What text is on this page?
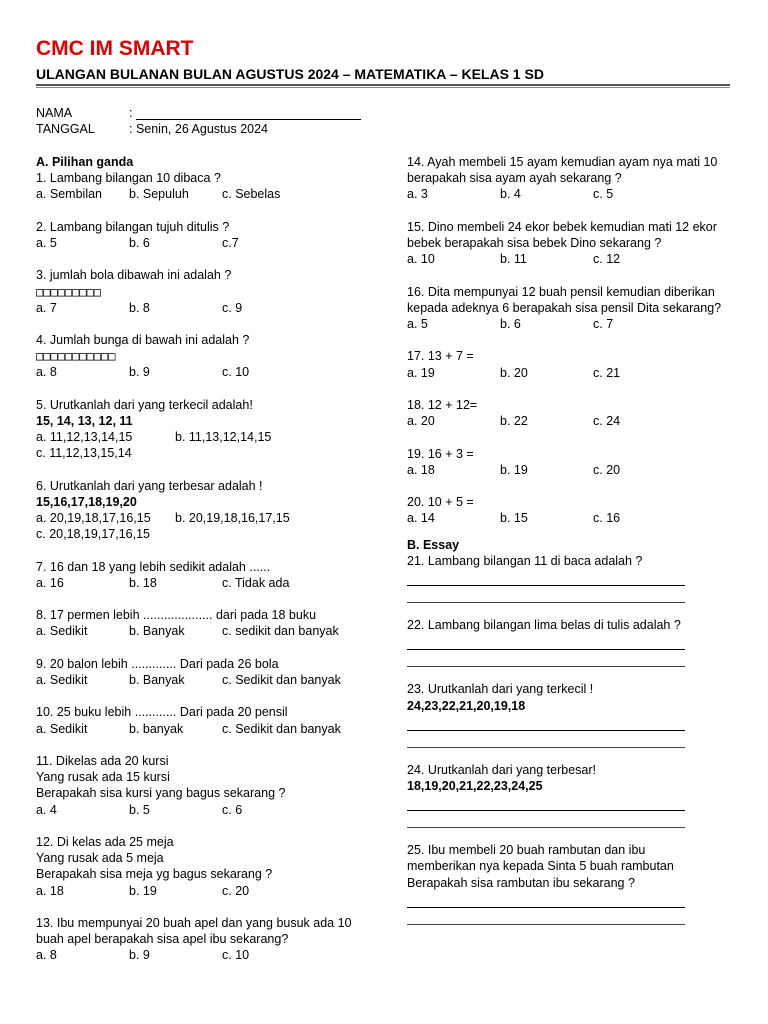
CMC IM SMART
ULANGAN BULANAN BULAN AGUSTUS 2024 – MATEMATIKA – KELAS 1 SD
NAMA	:
TANGGAL	: Senin, 26 Agustus 2024
A. Pilihan ganda
1. Lambang bilangan 10 dibaca ?
a. Sembilan	b. Sepuluh	c. Sebelas
2. Lambang bilangan tujuh ditulis ?
a. 5	b. 6	c.7
3. jumlah bola dibawah ini adalah ?
□□□□□□□□□
a. 7	b. 8	c. 9
4. Jumlah bunga di bawah ini adalah ?
□□□□□□□□□□□
a. 8	b. 9	c. 10
5. Urutkanlah dari yang terkecil adalah!
15, 14, 13, 12, 11
a. 11,12,13,14,15	b. 11,13,12,14,15
c. 11,12,13,15,14
6. Urutkanlah dari yang terbesar adalah !
15,16,17,18,19,20
a. 20,19,18,17,16,15	b. 20,19,18,16,17,15
c. 20,18,19,17,16,15
7. 16 dan 18 yang lebih sedikit adalah ......
a. 16	b. 18	c. Tidak ada
8. 17 permen lebih .................... dari pada 18 buku
a. Sedikit	b. Banyak	c. sedikit dan banyak
9. 20 balon lebih ............. Dari pada 26 bola
a. Sedikit	b. Banyak	c. Sedikit dan banyak
10. 25 buku lebih ............ Dari pada 20 pensil
a. Sedikit	b. banyak	c. Sedikit dan banyak
11. Dikelas ada 20 kursi
Yang rusak ada 15 kursi
Berapakah sisa kursi yang bagus sekarang ?
a. 4	b. 5	c. 6
12. Di kelas ada 25 meja
Yang rusak ada 5 meja
Berapakah sisa meja yg bagus sekarang ?
a. 18	b. 19	c. 20
13. Ibu mempunyai 20 buah apel dan yang busuk ada 10
buah apel berapakah sisa apel ibu sekarang?
a. 8	b. 9	c. 10
14. Ayah membeli 15 ayam kemudian ayam nya mati 10
berapakah sisa ayam ayah sekarang ?
a. 3	b. 4	c. 5
15. Dino membeli 24 ekor bebek kemudian mati 12 ekor
bebek berapakah sisa bebek Dino sekarang ?
a. 10	b. 11	c. 12
16. Dita mempunyai 12 buah pensil kemudian diberikan
kepada adeknya 6 berapakah sisa pensil Dita sekarang?
a. 5	b. 6	c. 7
17. 13 + 7 =
a. 19	b. 20	c. 21
18. 12 + 12=
a. 20	b. 22	c. 24
19. 16 + 3 =
a. 18	b. 19	c. 20
20. 10 + 5 =
a. 14	b. 15	c. 16
B. Essay
21. Lambang bilangan 11 di baca adalah ?
22. Lambang bilangan lima belas di tulis adalah ?
23. Urutkanlah dari yang terkecil !
24,23,22,21,20,19,18
24. Urutkanlah dari yang terbesar!
18,19,20,21,22,23,24,25
25. Ibu membeli 20 buah rambutan dan ibu
memberikan nya kepada Sinta 5 buah rambutan
Berapakah sisa rambutan ibu sekarang ?
